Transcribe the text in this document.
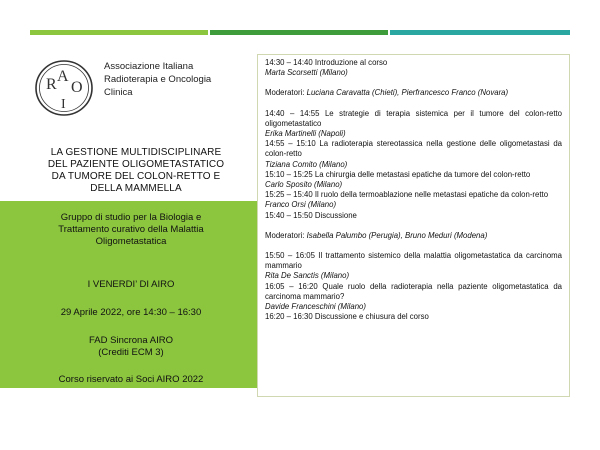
R A
O
I
Associazione Italiana
Radioterapia e Oncologia
Clinica
LA GESTIONE MULTIDISCIPLINARE
DEL PAZIENTE OLIGOMETASTATICO
DA TUMORE DEL COLON-RETTO E
DELLA MAMMELLA

Gruppo di studio per la Biologia e

Trattamento curativo della Malattia

Oligometastatica

I VENERDI’ DI AIRO

29 Aprile 2022, ore 14:30 – 16:30

FAD Sincrona AIRO

(Crediti ECM 3)

Corso riservato ai Soci AIRO 2022

14:30 – 14:40 Introduzione al corso

Marta Scorsetti (Milano)

Moderatori: Luciana Caravatta (Chieti), Pierfrancesco Franco (Novara)

14:40 – 14:55 Le strategie di terapia sistemica per il tumore del colon-retto oligometastatico

Erika Martinelli (Napoli)

14:55 – 15:10 La radioterapia stereotassica nella gestione delle oligometastasi da colon-retto

Tiziana Comito (Milano)

15:10 – 15:25 La chirurgia delle metastasi epatiche da tumore del colon-retto

Carlo Sposito (Milano)

15:25 – 15:40 Il ruolo della termoablazione nelle metastasi epatiche da colon-retto

Franco Orsi (Milano)

15:40 – 15:50 Discussione

Moderatori: Isabella Palumbo (Perugia), Bruno Meduri (Modena)

15:50 – 16:05 Il trattamento sistemico della malattia oligometastatica da carcinoma mammario

Rita De Sanctis (Milano)

16:05 – 16:20 Quale ruolo della radioterapia nella paziente oligometastatica da carcinoma mammario?

Davide Franceschini (Milano)

16:20 – 16:30 Discussione e chiusura del corso
